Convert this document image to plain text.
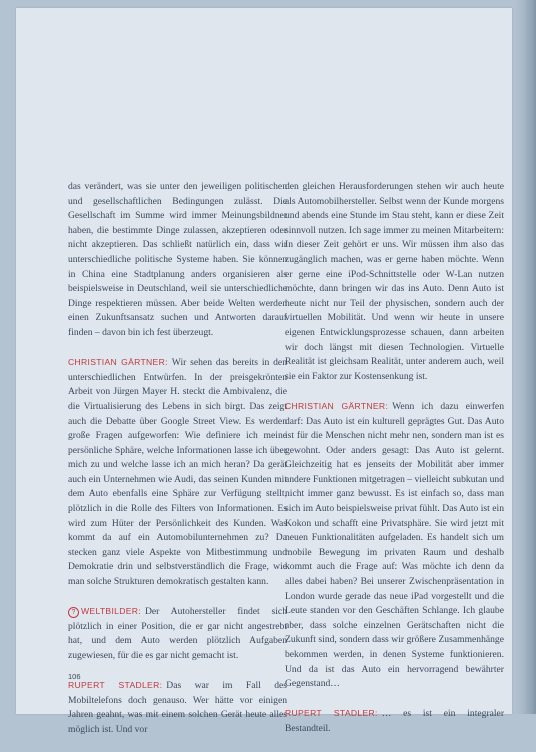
das verändert, was sie unter den jeweiligen politischen und gesellschaftlichen Bedingungen zulässt. Die Gesellschaft im Summe wird immer Meinungsbildner haben, die bestimmte Dinge zulassen, akzeptieren oder nicht akzeptieren. Das schließt natürlich ein, dass wir unterschiedliche politische Systeme haben. Sie können in China eine Stadtplanung anders organisieren als beispielsweise in Deutschland, weil sie unterschiedliche Dinge respektieren müssen. Aber beide Welten werden einen Zukunftsansatz suchen und Antworten darauf finden – davon bin ich fest überzeugt.

CHRISTIAN GÄRTNER: Wir sehen das bereits in den unterschiedlichen Entwürfen. In der preisgekrönten Arbeit von Jürgen Mayer H. steckt die Ambivalenz, die die Virtualisierung des Lebens in sich birgt. Das zeigt auch die Debatte über Google Street View. Es werden große Fragen aufgeworfen: Wie definiere ich meine persönliche Sphäre, welche Informationen lasse ich über mich zu und welche lasse ich an mich heran? Da gerät auch ein Unternehmen wie Audi, das seinen Kunden mit dem Auto ebenfalls eine Sphäre zur Verfügung stellt, plötzlich in die Rolle des Filters von Informationen. Es wird zum Hüter der Persönlichkeit des Kunden. Was kommt da auf ein Automobilunternehmen zu? Da stecken ganz viele Aspekte von Mitbestimmung und Demokratie drin und selbstverständlich die Frage, wie man solche Strukturen demokratisch gestalten kann.

? WELTBILDER: Der Autohersteller findet sich plötzlich in einer Position, die er gar nicht angestrebt hat, und dem Auto werden plötzlich Aufgaben zugewiesen, für die es gar nicht gemacht ist.

RUPERT STADLER: Das war im Fall des Mobiltelefons doch genauso. Wer hätte vor einigen Jahren geahnt, was mit einem solchen Gerät heute alles möglich ist. Und vor

den gleichen Herausforderungen stehen wir auch heute als Automobilhersteller. Selbst wenn der Kunde morgens und abends eine Stunde im Stau steht, kann er diese Zeit sinnvoll nutzen. Ich sage immer zu meinen Mitarbeitern: In dieser Zeit gehört er uns. Wir müssen ihm also das zugänglich machen, was er gerne haben möchte. Wenn er gerne eine iPod-Schnittstelle oder W-Lan nutzen möchte, dann bringen wir das ins Auto. Denn Auto ist heute nicht nur Teil der physischen, sondern auch der virtuellen Mobilität. Und wenn wir heute in unsere eigenen Entwicklungsprozesse schauen, dann arbeiten wir doch längst mit diesen Technologien. Virtuelle Realität ist gleichsam Realität, unter anderem auch, weil sie ein Faktor zur Kostensenkung ist.

CHRISTIAN GÄRTNER: Wenn ich dazu einwerfen darf: Das Auto ist ein kulturell geprägtes Gut. Das Auto ist für die Menschen nicht mehr nen, sondern man ist es gewohnt. Oder anders gesagt: Das Auto ist gelernt. Gleichzeitig hat es jenseits der Mobilität aber immer andere Funktionen mitgetragen – vielleicht subkutan und nicht immer ganz bewusst. Es ist einfach so, dass man sich im Auto beispielsweise privat fühlt. Das Auto ist ein Kokon und schafft eine Privatsphäre. Sie wird jetzt mit neuen Funktionalitäten aufgeladen. Es handelt sich um mobile Bewegung im privaten Raum und deshalb kommt auch die Frage auf: Was möchte ich denn da alles dabei haben? Bei unserer Zwischenpräsentation in London wurde gerade das neue iPad vorgestellt und die Leute standen vor den Geschäften Schlange. Ich glaube aber, dass solche einzelnen Gerätschaften nicht die Zukunft sind, sondern dass wir größere Zusammenhänge bekommen werden, in denen Systeme funktionieren. Und da ist das Auto ein hervorragend bewährter Gegenstand…

RUPERT STADLER: … es ist ein integraler Bestandteil.

106
